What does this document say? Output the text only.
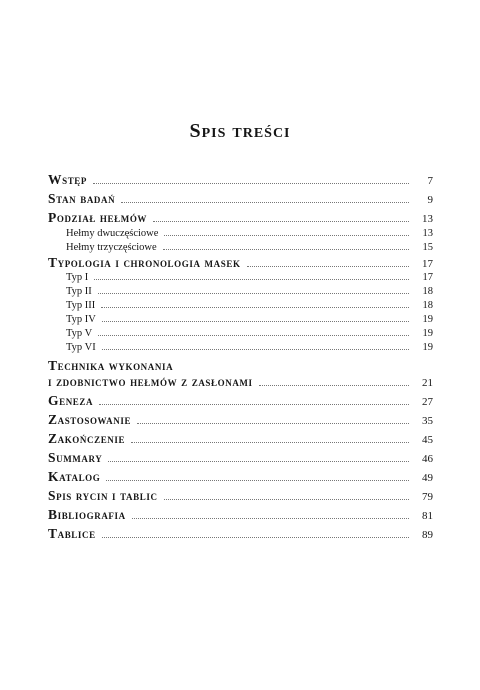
Spis treści
Wstęp	7
Stan badań	9
Podział hełmów	13
Hełmy dwuczęściowe	13
Hełmy trzyczęściowe	15
Typologia i chronologia masek	17
Typ I	17
Typ II	18
Typ III	18
Typ IV	19
Typ V	19
Typ VI	19
Technika wykonania
i zdobnictwo hełmów z zasłonami	21
Geneza	27
Zastosowanie	35
Zakończenie	45
Summary	46
Katalog	49
Spis rycin i tablic	79
Bibliografia	81
Tablice	89
